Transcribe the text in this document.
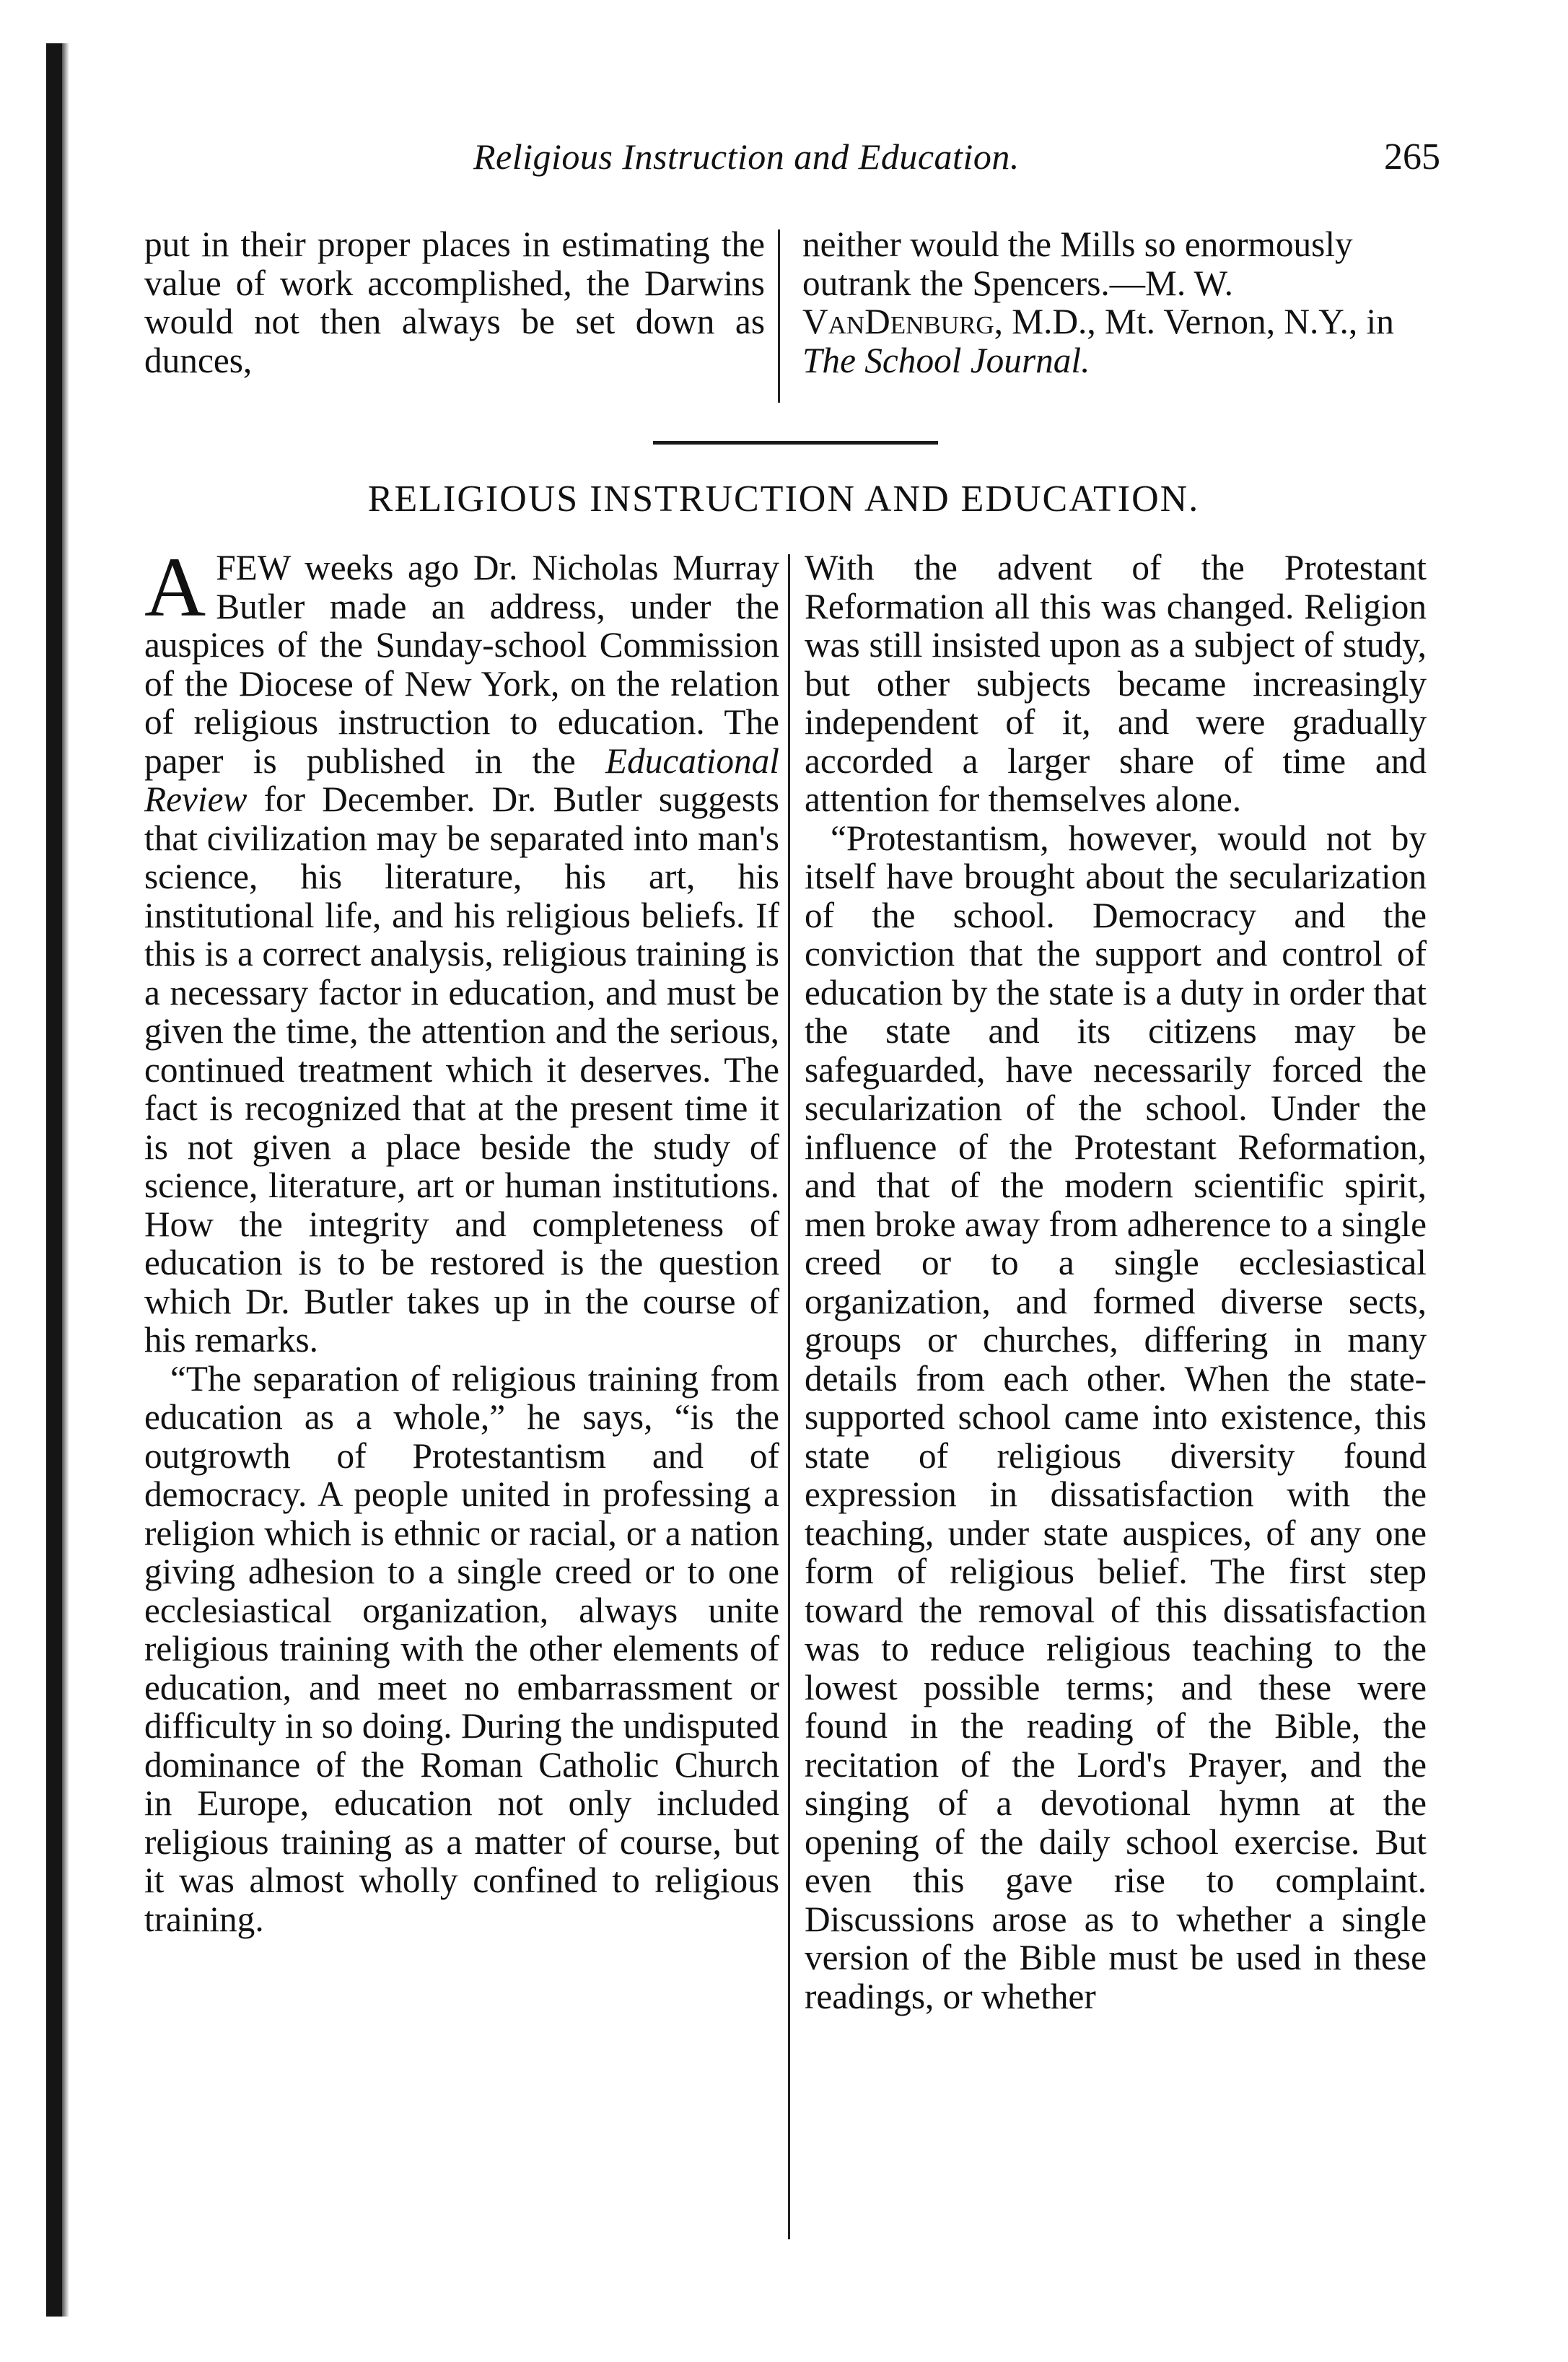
Religious Instruction and Education.	265

put in their proper places in estimating the value of work accomplished, the Darwins would not then always be set down as dunces,

neither would the Mills so enormously outrank the Spencers.—M. W. VanDenburg, M.D., Mt. Vernon, N.Y., in The School Journal.

RELIGIOUS INSTRUCTION AND EDUCATION.

AFEW weeks ago Dr. Nicholas Murray Butler made an address, under the auspices of the Sunday-school Commission of the Diocese of New York, on the relation of religious instruction to education. The paper is published in the Educational Review for December. Dr. Butler suggests that civilization may be separated into man's science, his literature, his art, his institutional life, and his religious beliefs. If this is a correct analysis, religious training is a necessary factor in education, and must be given the time, the attention and the serious, continued treatment which it deserves. The fact is recognized that at the present time it is not given a place beside the study of science, literature, art or human institutions. How the integrity and completeness of education is to be restored is the question which Dr. Butler takes up in the course of his remarks.

“The separation of religious training from education as a whole,” he says, “is the outgrowth of Protestantism and of democracy. A people united in professing a religion which is ethnic or racial, or a nation giving adhesion to a single creed or to one ecclesiastical organization, always unite religious training with the other elements of education, and meet no embarrassment or difficulty in so doing. During the undisputed dominance of the Roman Catholic Church in Europe, education not only included religious training as a matter of course, but it was almost wholly confined to religious training.

With the advent of the Protestant Reformation all this was changed. Religion was still insisted upon as a subject of study, but other subjects became increasingly independent of it, and were gradually accorded a larger share of time and attention for themselves alone.

“Protestantism, however, would not by itself have brought about the secularization of the school. Democracy and the conviction that the support and control of education by the state is a duty in order that the state and its citizens may be safeguarded, have necessarily forced the secularization of the school. Under the influence of the Protestant Reformation, and that of the modern scientific spirit, men broke away from adherence to a single creed or to a single ecclesiastical organization, and formed diverse sects, groups or churches, differing in many details from each other. When the state-supported school came into existence, this state of religious diversity found expression in dissatisfaction with the teaching, under state auspices, of any one form of religious belief. The first step toward the removal of this dissatisfaction was to reduce religious teaching to the lowest possible terms; and these were found in the reading of the Bible, the recitation of the Lord's Prayer, and the singing of a devotional hymn at the opening of the daily school exercise. But even this gave rise to complaint. Discussions arose as to whether a single version of the Bible must be used in these readings, or whether
